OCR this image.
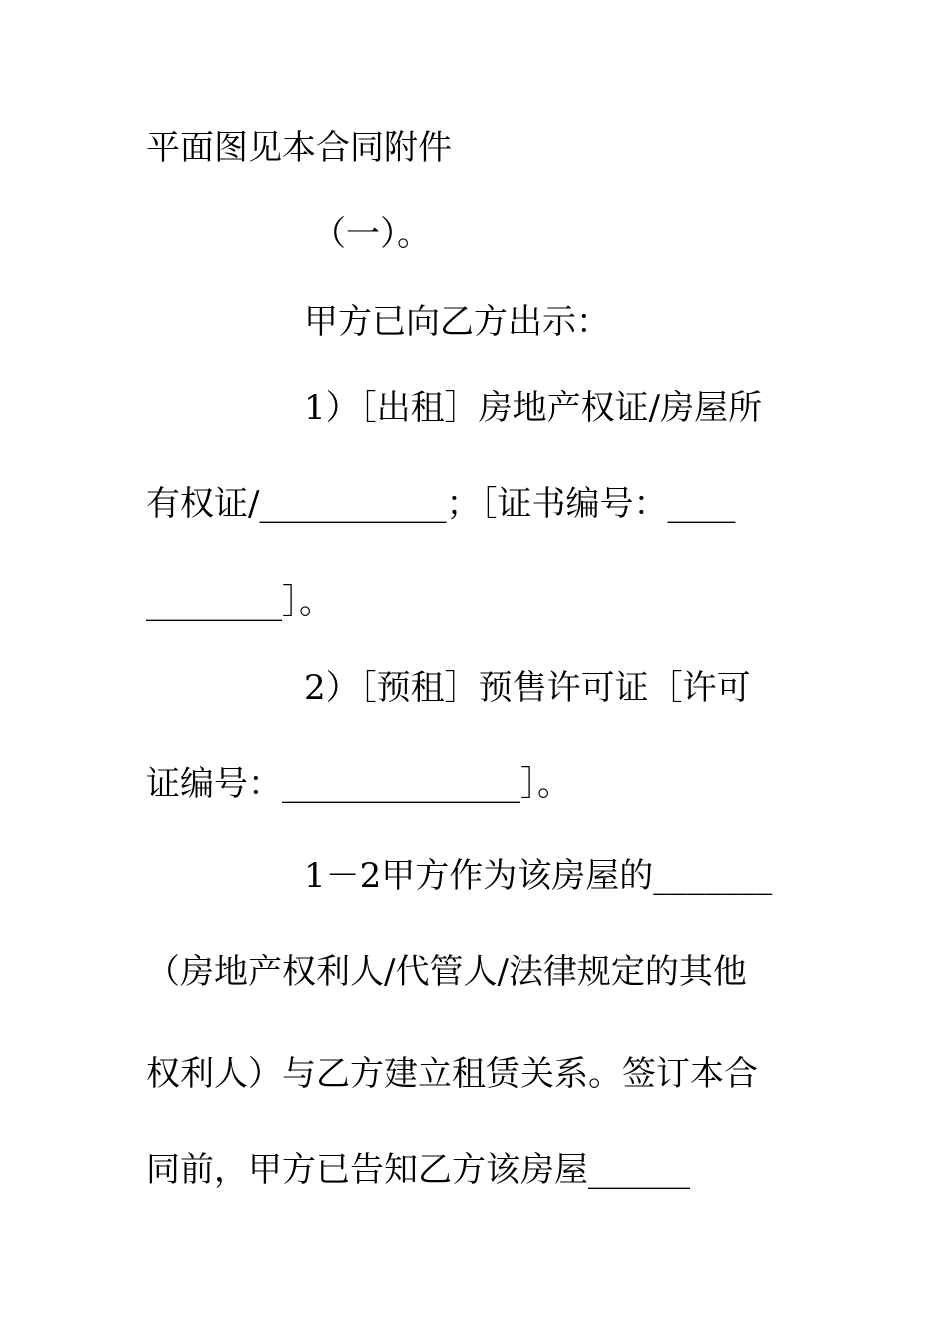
平面图见本合同附件
（一）。
甲方已向乙方出示：
1）［出租］房地产权证/房屋所
有权证/___________；［证书编号：____
________］。
2）［预租］预售许可证［许可
证编号：______________］。
1－2甲方作为该房屋的_______
（房地产权利人/代管人/法律规定的其他
权利人）与乙方建立租赁关系。签订本合
同前，甲方已告知乙方该房屋______
